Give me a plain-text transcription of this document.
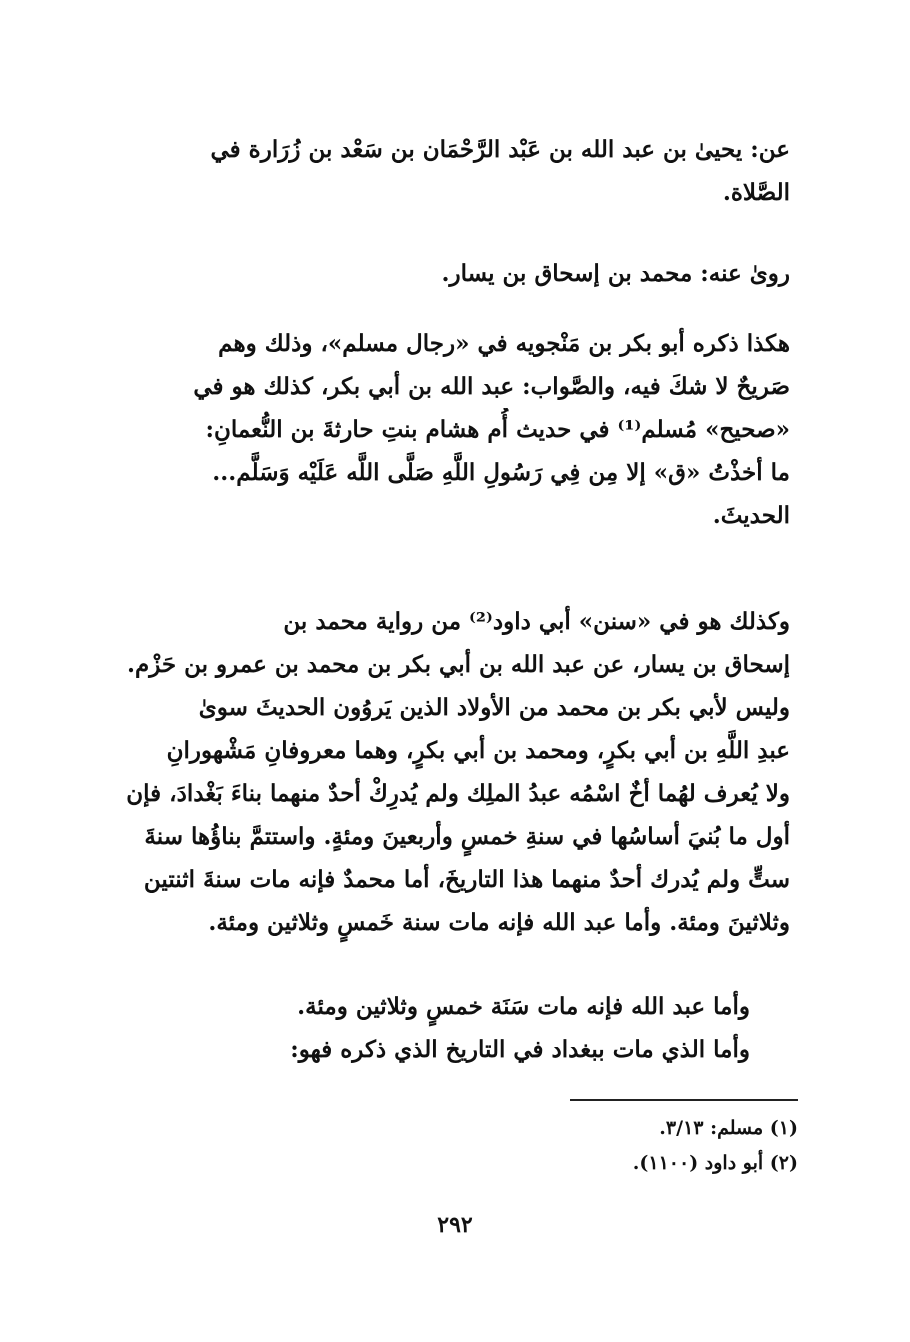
عن: يحيىٰ بن عبد الله بن عَبْد الرَّحْمَان بن سَعْد بن زُرَارة في
الصَّلاة.
روىٰ عنه: محمد بن إسحاق بن يسار.
هكذا ذكره أبو بكر بن مَنْجويه في «رجال مسلم»، وذلك وهم
صَريحٌ لا شكَ فيه، والصَّواب: عبد الله بن أبي بكر، كذلك هو في
«صحيح» مُسلم⁽¹⁾ في حديث أُم هشام بنتِ حارثةَ بن النُّعمانِ:
ما أخذْتُ «ق» إلا مِن فِي رَسُولِ اللَّهِ صَلَّى اللَّه عَلَيْه وَسَلَّم...
الحديثَ.
وكذلك هو في «سنن» أبي داود⁽²⁾ من رواية محمد بن
إسحاق بن يسار، عن عبد الله بن أبي بكر بن محمد بن عمرو بن حَزْم.
وليس لأبي بكر بن محمد من الأولاد الذين يَروُون الحديثَ سوىٰ
عبدِ اللَّهِ بن أبي بكرٍ، ومحمد بن أبي بكرٍ، وهما معروفانِ مَشْهورانِ
ولا يُعرف لهُما أخٌ اسْمُه عبدُ الملِك ولم يُدرِكْ أحدٌ منهما بناءَ بَغْدادَ، فإن
أول ما بُنيَ أساسُها في سنةِ خمسٍ وأربعينَ ومئةٍ. واستتمَّ بناؤُها سنةَ
ستٍّ ولم يُدرك أحدٌ منهما هذا التاريخَ، أما محمدٌ فإنه مات سنةَ اثنتين
وثلاثينَ ومئة. وأما عبد الله فإنه مات سنة خَمسٍ وثلاثين ومئة.
وأما عبد الله فإنه مات سَنَة خمسٍ وثلاثين ومئة.
وأما الذي مات ببغداد في التاريخ الذي ذكره فهو:
(١) مسلم: ٣/١٣.
(٢) أبو داود (١١٠٠).
٢٩٢
